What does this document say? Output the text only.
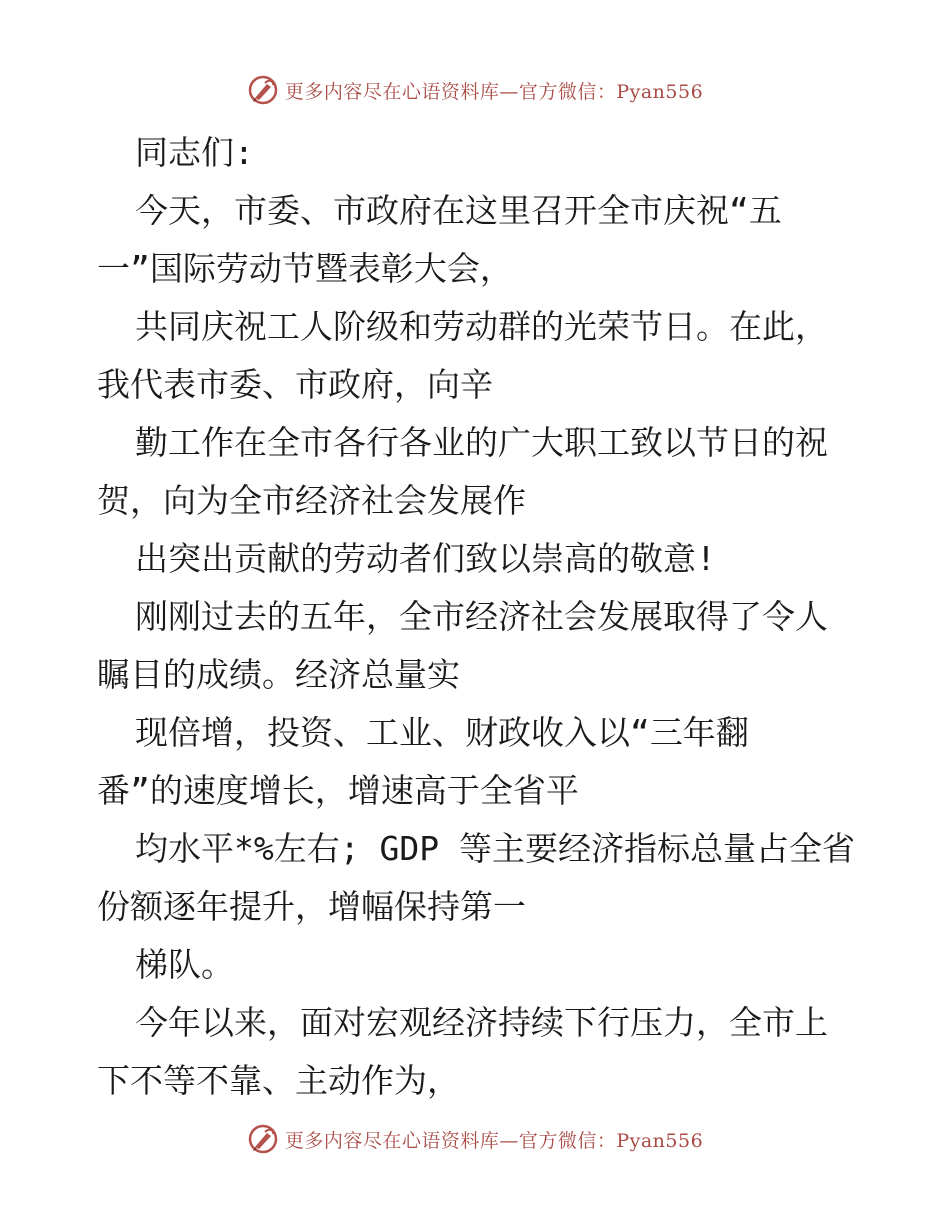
更多内容尽在心语资料库—官方微信：Pyan556
同志们:
今天，市委、市政府在这里召开全市庆祝“五
一”国际劳动节暨表彰大会，
共同庆祝工人阶级和劳动群的光荣节日。在此，
我代表市委、市政府，向辛
勤工作在全市各行各业的广大职工致以节日的祝
贺，向为全市经济社会发展作
出突出贡献的劳动者们致以崇高的敬意!
刚刚过去的五年，全市经济社会发展取得了令人
瞩目的成绩。经济总量实
现倍增，投资、工业、财政收入以“三年翻
番”的速度增长，增速高于全省平
均水平*%左右; GDP 等主要经济指标总量占全省
份额逐年提升，增幅保持第一
梯队。
今年以来，面对宏观经济持续下行压力，全市上
下不等不靠、主动作为，
更多内容尽在心语资料库—官方微信：Pyan556
